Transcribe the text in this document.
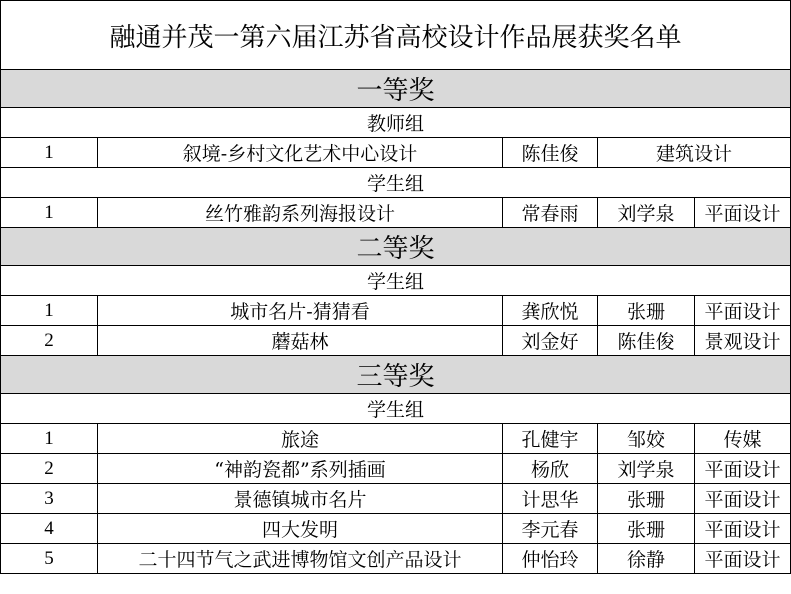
融通并茂一第六届江苏省高校设计作品展获奖名单				
一等奖				
教师组				
1	叙境-乡村文化艺术中心设计	陈佳俊	建筑设计	
学生组				
1	丝竹雅韵系列海报设计	常春雨	刘学泉	平面设计
二等奖				
学生组				
1	城市名片-猜猜看	龚欣悦	张珊	平面设计
2	蘑菇林	刘金好	陈佳俊	景观设计
三等奖				
学生组				
1	旅途	孔健宇	邹姣	传媒
2	“神韵瓷都”系列插画	杨欣	刘学泉	平面设计
3	景德镇城市名片	计思华	张珊	平面设计
4	四大发明	李元春	张珊	平面设计
5	二十四节气之武进博物馆文创产品设计	仲怡玲	徐静	平面设计
